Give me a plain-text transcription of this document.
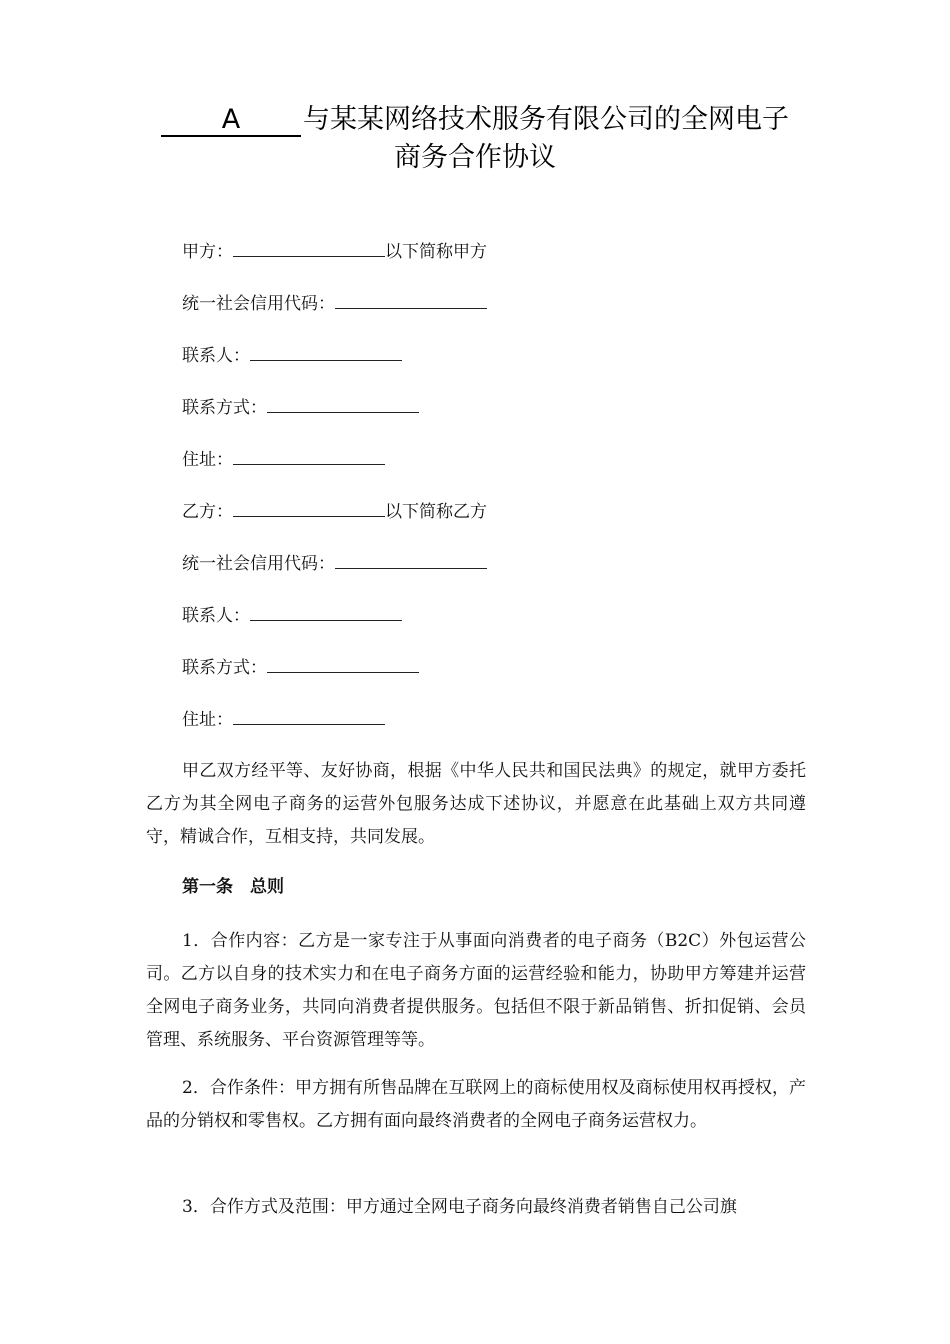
A 与某某网络技术服务有限公司的全网电子
商务合作协议
甲方：	以下简称甲方
统一社会信用代码：
联系人：
联系方式：
住址：
乙方：	以下简称乙方
统一社会信用代码：
联系人：
联系方式：
住址：
甲乙双方经平等、友好协商，根据《中华人民共和国民法典》的规定，就甲方委托乙方为其全网电子商务的运营外包服务达成下述协议，并愿意在此基础上双方共同遵守，精诚合作，互相支持，共同发展。
第一条　总则
1．合作内容：乙方是一家专注于从事面向消费者的电子商务（B2C）外包运营公司。乙方以自身的技术实力和在电子商务方面的运营经验和能力，协助甲方筹建并运营全网电子商务业务，共同向消费者提供服务。包括但不限于新品销售、折扣促销、会员管理、系统服务、平台资源管理等等。
2．合作条件：甲方拥有所售品牌在互联网上的商标使用权及商标使用权再授权，产品的分销权和零售权。乙方拥有面向最终消费者的全网电子商务运营权力。
3．合作方式及范围：甲方通过全网电子商务向最终消费者销售自己公司旗
